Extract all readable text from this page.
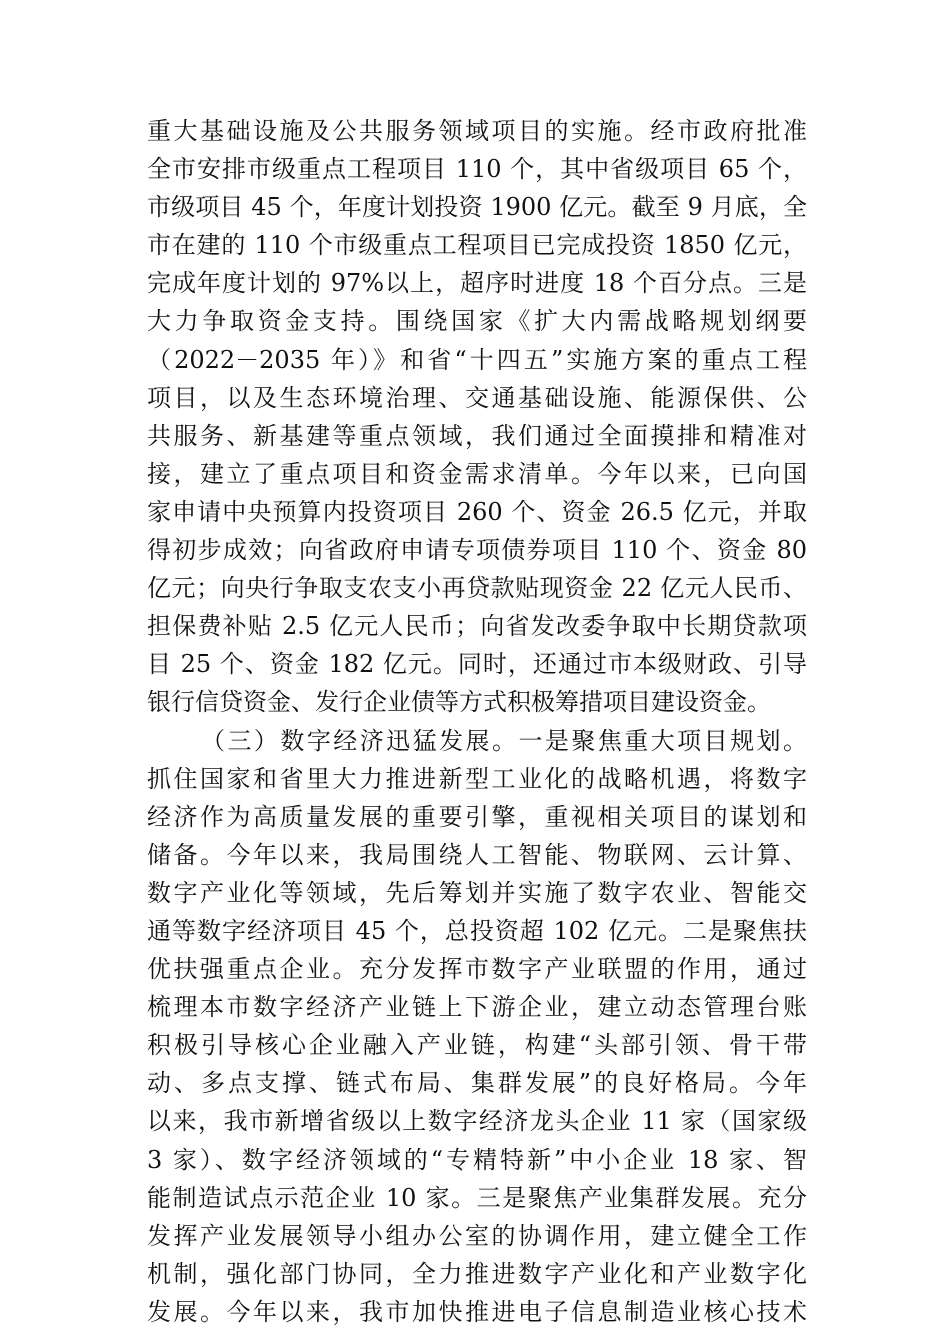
重大基础设施及公共服务领域项目的实施。经市政府批准
全市安排市级重点工程项目 110 个，其中省级项目 65 个，
市级项目 45 个，年度计划投资 1900 亿元。截至 9 月底，全
市在建的 110 个市级重点工程项目已完成投资 1850 亿元，
完成年度计划的 97%以上，超序时进度 18 个百分点。三是
大力争取资金支持。围绕国家《扩大内需战略规划纲要
（2022－2035 年）》和省“十四五”实施方案的重点工程
项目，以及生态环境治理、交通基础设施、能源保供、公
共服务、新基建等重点领域，我们通过全面摸排和精准对
接，建立了重点项目和资金需求清单。今年以来，已向国
家申请中央预算内投资项目 260 个、资金 26.5 亿元，并取
得初步成效；向省政府申请专项债券项目 110 个、资金 80
亿元；向央行争取支农支小再贷款贴现资金 22 亿元人民币、
担保费补贴 2.5 亿元人民币；向省发改委争取中长期贷款项
目 25 个、资金 182 亿元。同时，还通过市本级财政、引导
银行信贷资金、发行企业债等方式积极筹措项目建设资金。
（三）数字经济迅猛发展。一是聚焦重大项目规划。
抓住国家和省里大力推进新型工业化的战略机遇，将数字
经济作为高质量发展的重要引擎，重视相关项目的谋划和
储备。今年以来，我局围绕人工智能、物联网、云计算、
数字产业化等领域，先后筹划并实施了数字农业、智能交
通等数字经济项目 45 个，总投资超 102 亿元。二是聚焦扶
优扶强重点企业。充分发挥市数字产业联盟的作用，通过
梳理本市数字经济产业链上下游企业，建立动态管理台账
积极引导核心企业融入产业链，构建“头部引领、骨干带
动、多点支撑、链式布局、集群发展”的良好格局。今年
以来，我市新增省级以上数字经济龙头企业 11 家（国家级
3 家）、数字经济领域的“专精特新”中小企业 18 家、智
能制造试点示范企业 10 家。三是聚焦产业集群发展。充分
发挥产业发展领导小组办公室的协调作用，建立健全工作
机制，强化部门协同，全力推进数字产业化和产业数字化
发展。今年以来，我市加快推进电子信息制造业核心技术
